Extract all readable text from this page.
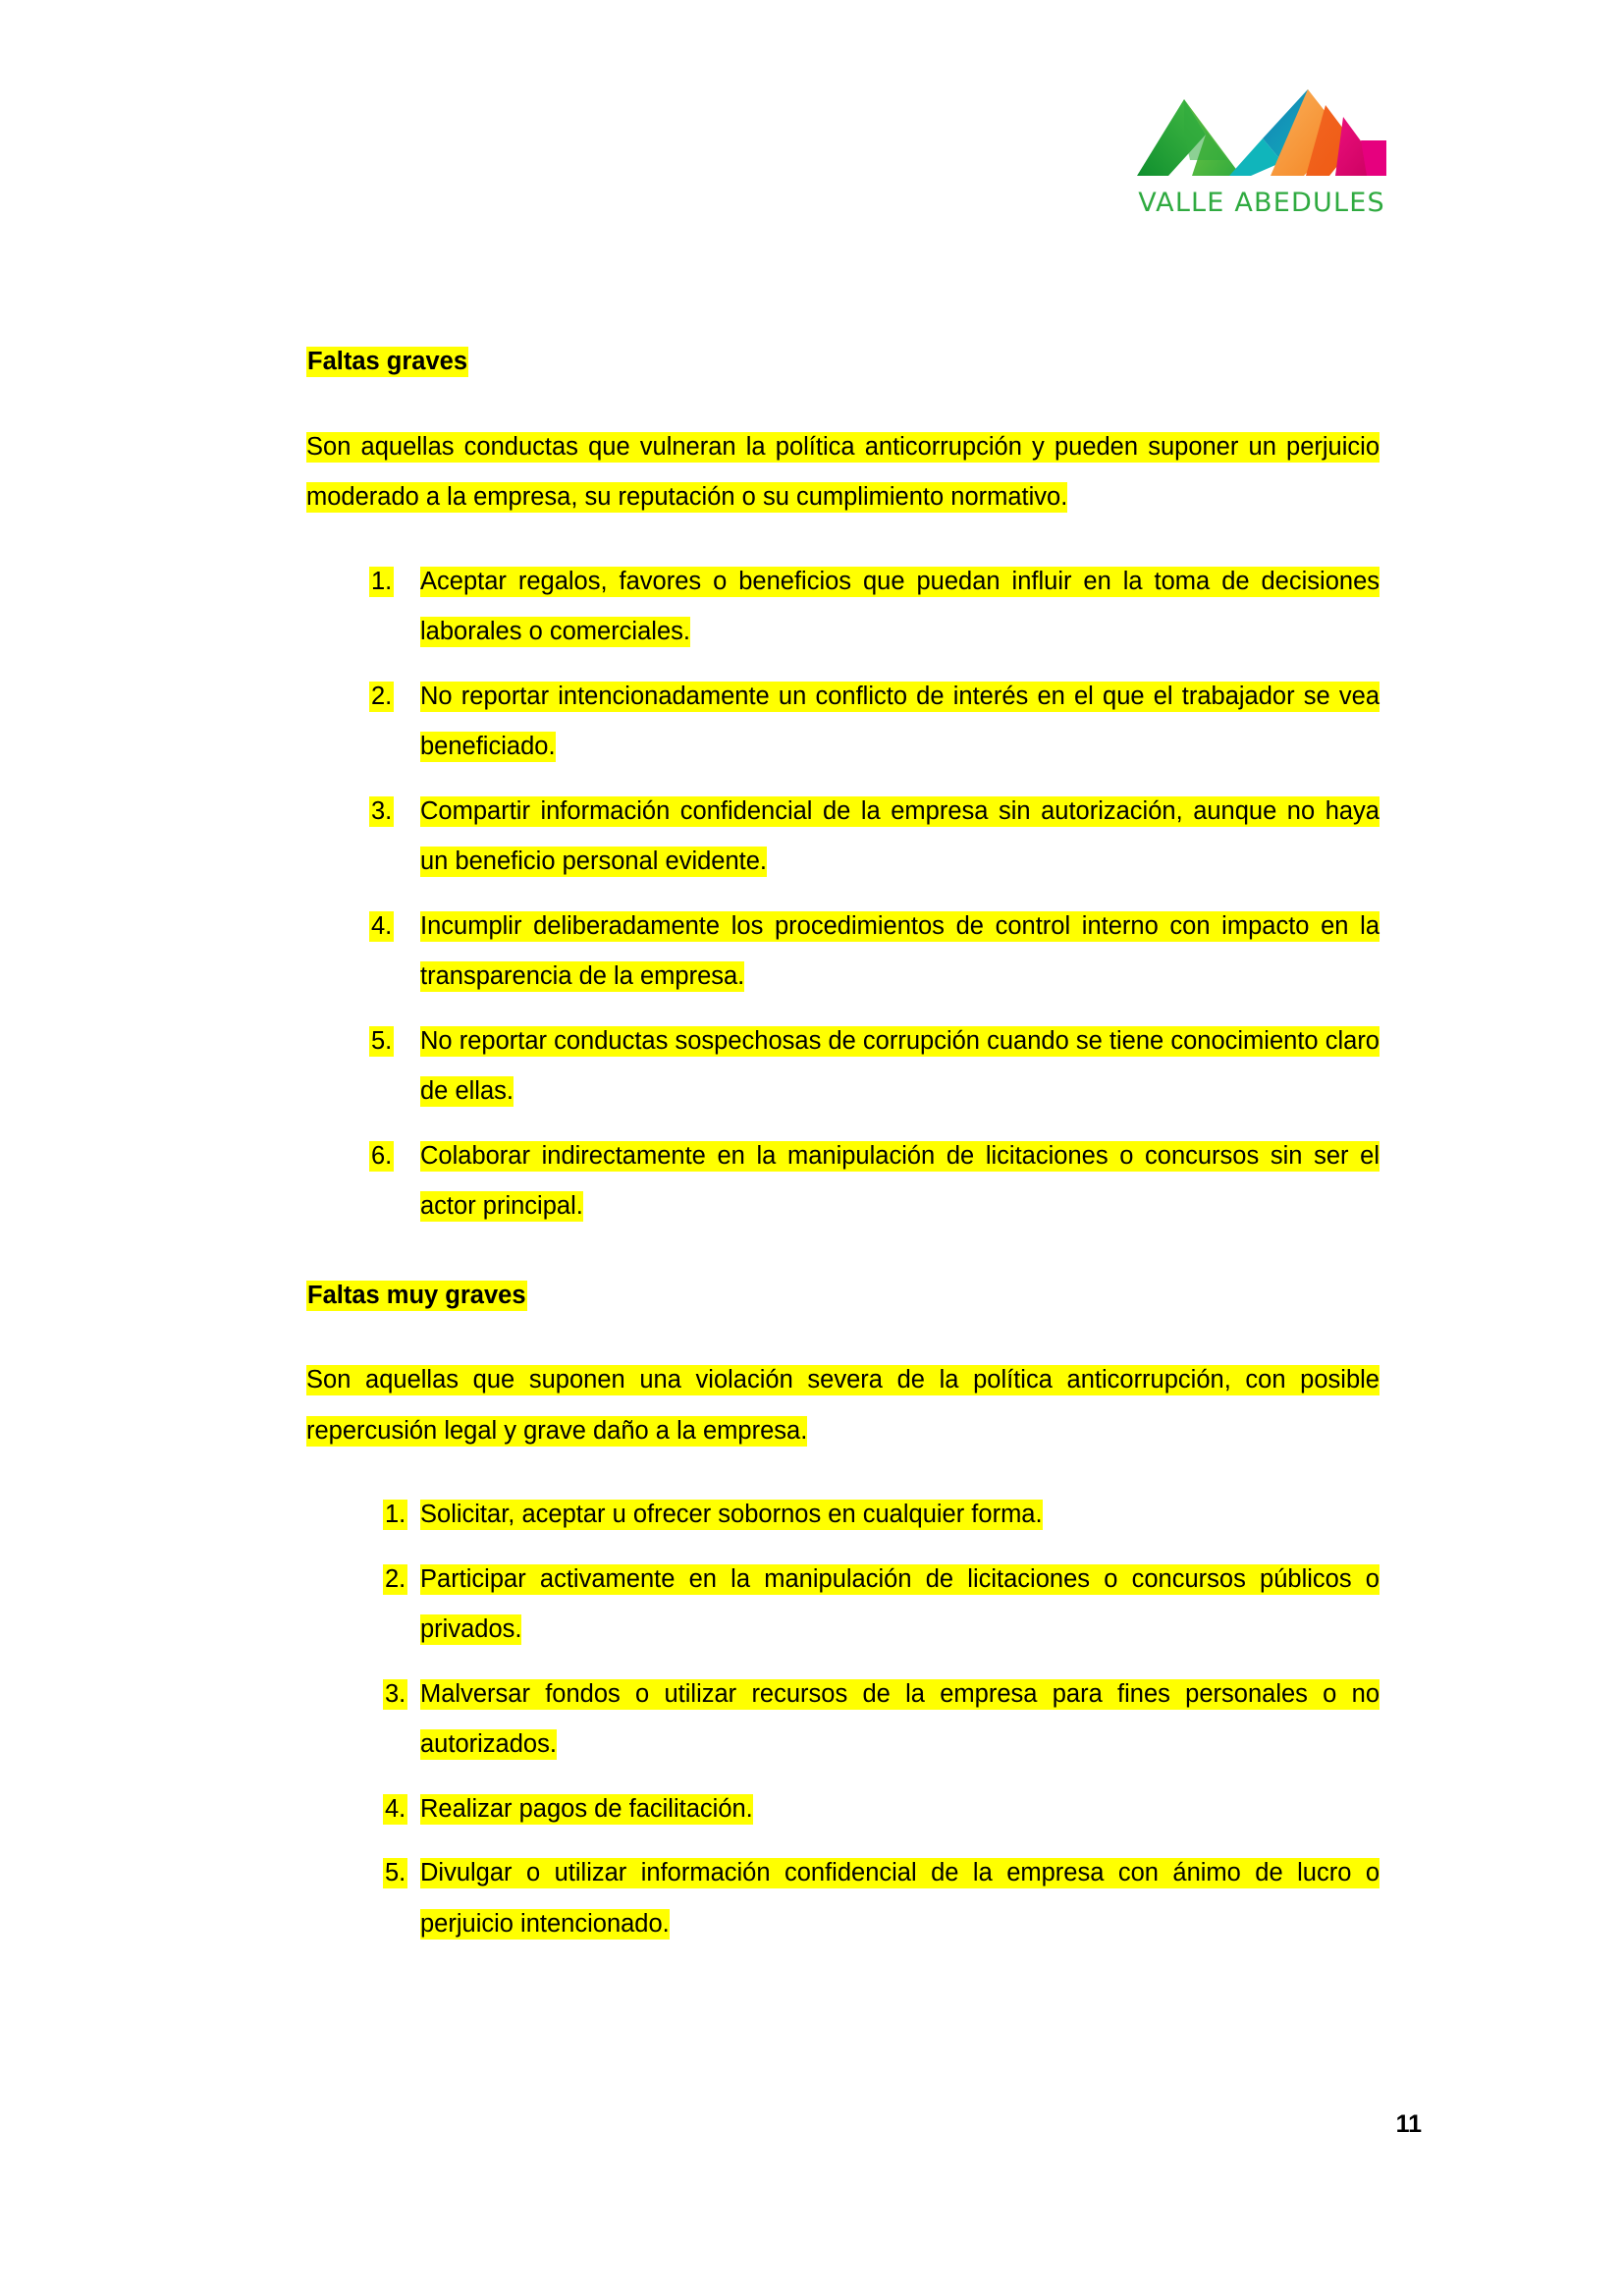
VALLE ABEDULES
Faltas graves

Son aquellas conductas que vulneran la política anticorrupción y pueden suponer un perjuicio moderado a la empresa, su reputación o su cumplimiento normativo.

1.	Aceptar regalos, favores o beneficios que puedan influir en la toma de decisiones laborales o comerciales.
2.	No reportar intencionadamente un conflicto de interés en el que el trabajador se vea beneficiado.
3.	Compartir información confidencial de la empresa sin autorización, aunque no haya un beneficio personal evidente.
4.	Incumplir deliberadamente los procedimientos de control interno con impacto en la transparencia de la empresa.
5.	No reportar conductas sospechosas de corrupción cuando se tiene conocimiento claro de ellas.
6.	Colaborar indirectamente en la manipulación de licitaciones o concursos sin ser el actor principal.
Faltas muy graves

Son aquellas que suponen una violación severa de la política anticorrupción, con posible repercusión legal y grave daño a la empresa.

1. Solicitar, aceptar u ofrecer sobornos en cualquier forma.
2. Participar activamente en la manipulación de licitaciones o concursos públicos o privados.
3. Malversar fondos o utilizar recursos de la empresa para fines personales o no autorizados.
4. Realizar pagos de facilitación.
5. Divulgar o utilizar información confidencial de la empresa con ánimo de lucro o perjuicio intencionado.
11
